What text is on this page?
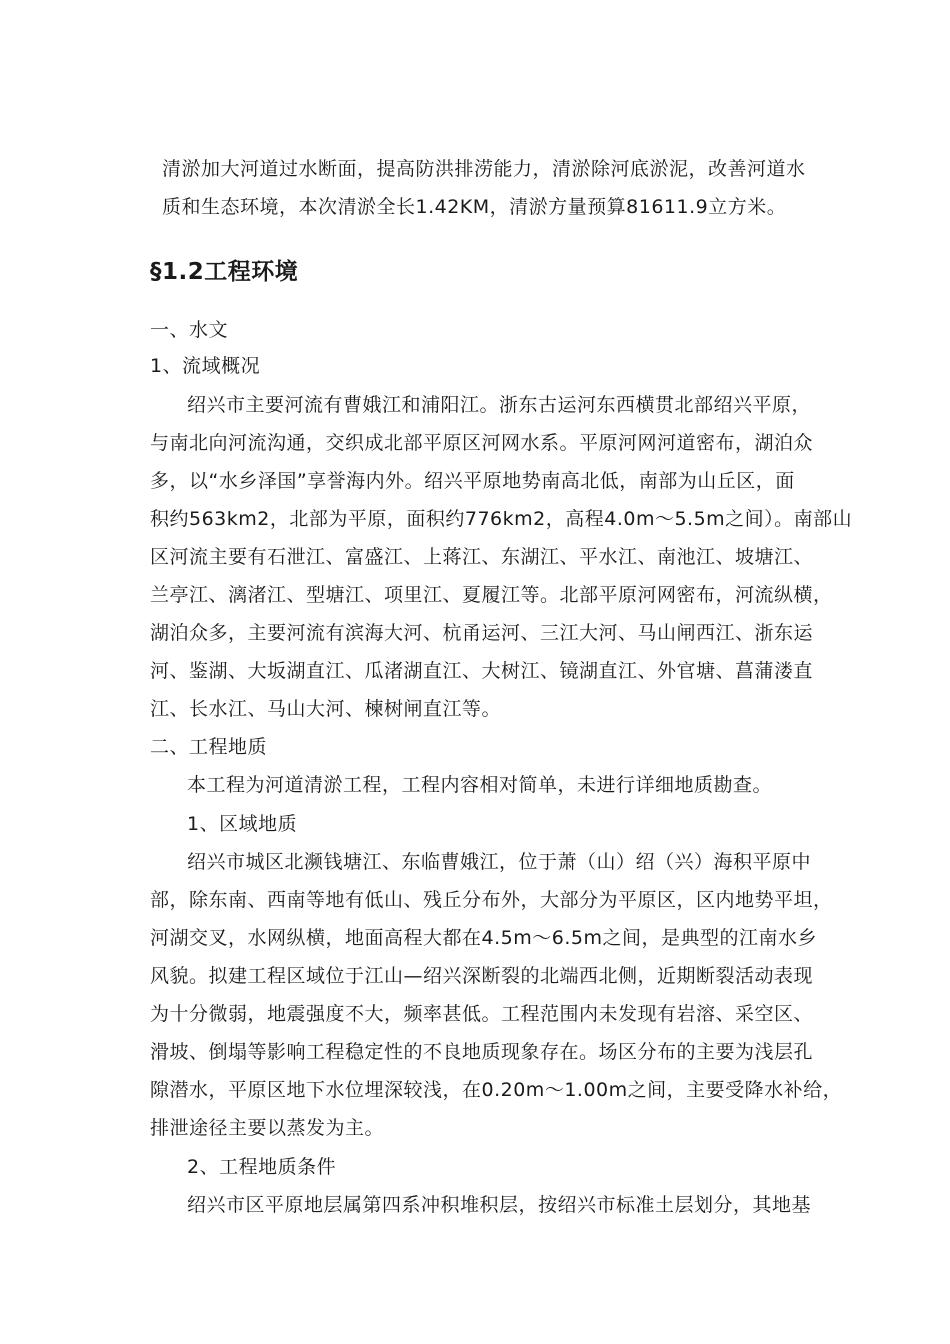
清淤加大河道过水断面，提高防洪排涝能力，清淤除河底淤泥，改善河道水
质和生态环境，本次清淤全长1.42KM，清淤方量预算81611.9立方米。
§1.2工程环境
一、水文
1、流域概况
绍兴市主要河流有曹娥江和浦阳江。浙东古运河东西横贯北部绍兴平原，
与南北向河流沟通，交织成北部平原区河网水系。平原河网河道密布，湖泊众
多，以“水乡泽国”享誉海内外。绍兴平原地势南高北低，南部为山丘区，面
积约563km2，北部为平原，面积约776km2，高程4.0m～5.5m之间）。南部山
区河流主要有石泄江、富盛江、上蒋江、东湖江、平水江、南池江、坡塘江、
兰亭江、漓渚江、型塘江、项里江、夏履江等。北部平原河网密布，河流纵横，
湖泊众多，主要河流有滨海大河、杭甬运河、三江大河、马山闸西江、浙东运
河、鉴湖、大坂湖直江、瓜渚湖直江、大树江、镜湖直江、外官塘、菖蒲溇直
江、长水江、马山大河、楝树闸直江等。
二、工程地质
本工程为河道清淤工程，工程内容相对简单，未进行详细地质勘查。
1、区域地质
绍兴市城区北濒钱塘江、东临曹娥江，位于萧（山）绍（兴）海积平原中
部，除东南、西南等地有低山、残丘分布外，大部分为平原区，区内地势平坦，
河湖交叉，水网纵横，地面高程大都在4.5m～6.5m之间，是典型的江南水乡
风貌。拟建工程区域位于江山—绍兴深断裂的北端西北侧，近期断裂活动表现
为十分微弱，地震强度不大，频率甚低。工程范围内未发现有岩溶、采空区、
滑坡、倒塌等影响工程稳定性的不良地质现象存在。场区分布的主要为浅层孔
隙潜水，平原区地下水位埋深较浅，在0.20m～1.00m之间，主要受降水补给，
排泄途径主要以蒸发为主。
2、工程地质条件
绍兴市区平原地层属第四系冲积堆积层，按绍兴市标准土层划分，其地基
